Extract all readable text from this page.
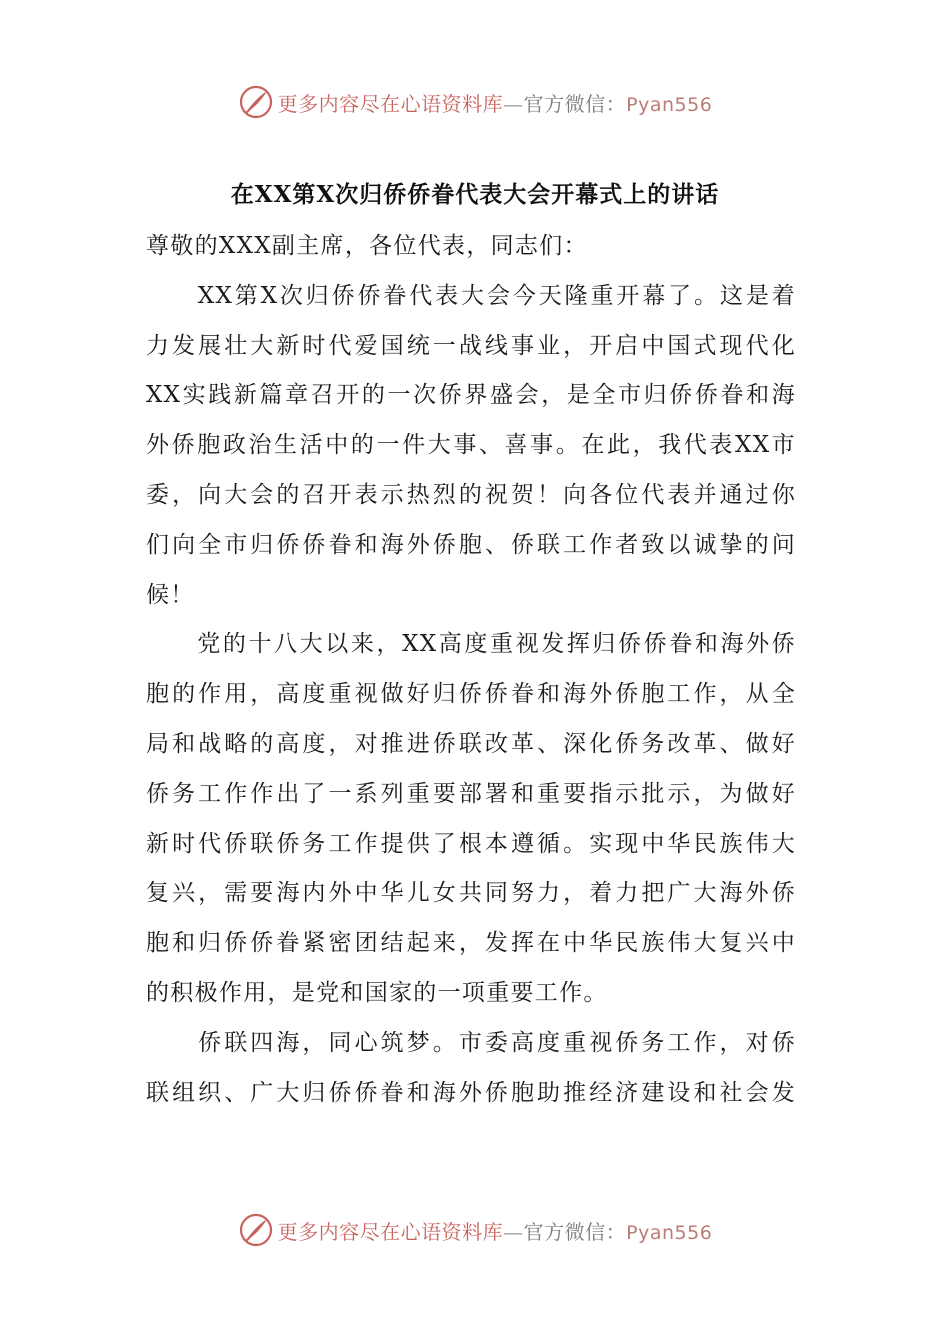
更多内容尽在心语资料库—官方微信：Pyan556
在XX第X次归侨侨眷代表大会开幕式上的讲话
尊敬的XXX副主席，各位代表，同志们：
　　XX第X次归侨侨眷代表大会今天隆重开幕了。这是着
力发展壮大新时代爱国统一战线事业，开启中国式现代化
XX实践新篇章召开的一次侨界盛会，是全市归侨侨眷和海
外侨胞政治生活中的一件大事、喜事。在此，我代表XX市
委，向大会的召开表示热烈的祝贺！向各位代表并通过你
们向全市归侨侨眷和海外侨胞、侨联工作者致以诚挚的问
候！
　　党的十八大以来，XX高度重视发挥归侨侨眷和海外侨
胞的作用，高度重视做好归侨侨眷和海外侨胞工作，从全
局和战略的高度，对推进侨联改革、深化侨务改革、做好
侨务工作作出了一系列重要部署和重要指示批示，为做好
新时代侨联侨务工作提供了根本遵循。实现中华民族伟大
复兴，需要海内外中华儿女共同努力，着力把广大海外侨
胞和归侨侨眷紧密团结起来，发挥在中华民族伟大复兴中
的积极作用，是党和国家的一项重要工作。
　　侨联四海，同心筑梦。市委高度重视侨务工作，对侨
联组织、广大归侨侨眷和海外侨胞助推经济建设和社会发
更多内容尽在心语资料库—官方微信：Pyan556
